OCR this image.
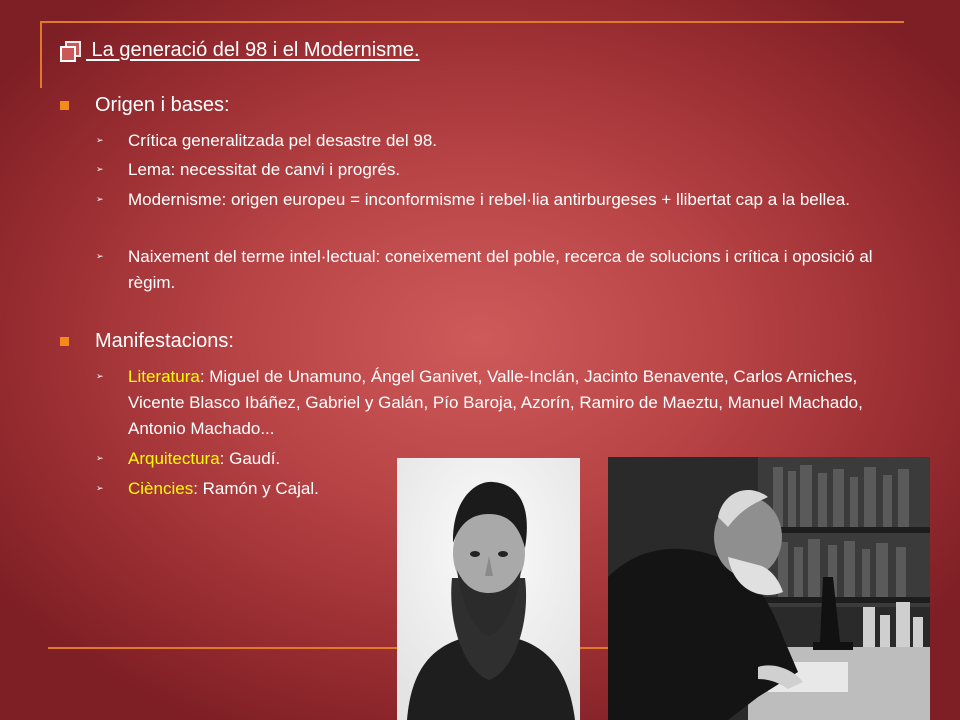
La generació del 98 i el Modernisme.
Origen i bases:
➢	Crítica generalitzada pel desastre del 98.
➢	Lema: necessitat de canvi i progrés.
➢	Modernisme: origen europeu = inconformisme i rebel·lia antirburgeses + llibertat cap a la bellea.
➢	Naixement del terme intel·lectual: coneixement del poble, recerca de solucions i crítica i oposició al règim.
Manifestacions:
➢	Literatura: Miguel de Unamuno, Ángel Ganivet, Valle-Inclán, Jacinto Benavente, Carlos Arniches, Vicente Blasco Ibáñez, Gabriel y Galán, Pío Baroja, Azorín, Ramiro de Maeztu, Manuel Machado, Antonio Machado...
➢	Arquitectura: Gaudí.
➢	Ciències: Ramón y Cajal.
